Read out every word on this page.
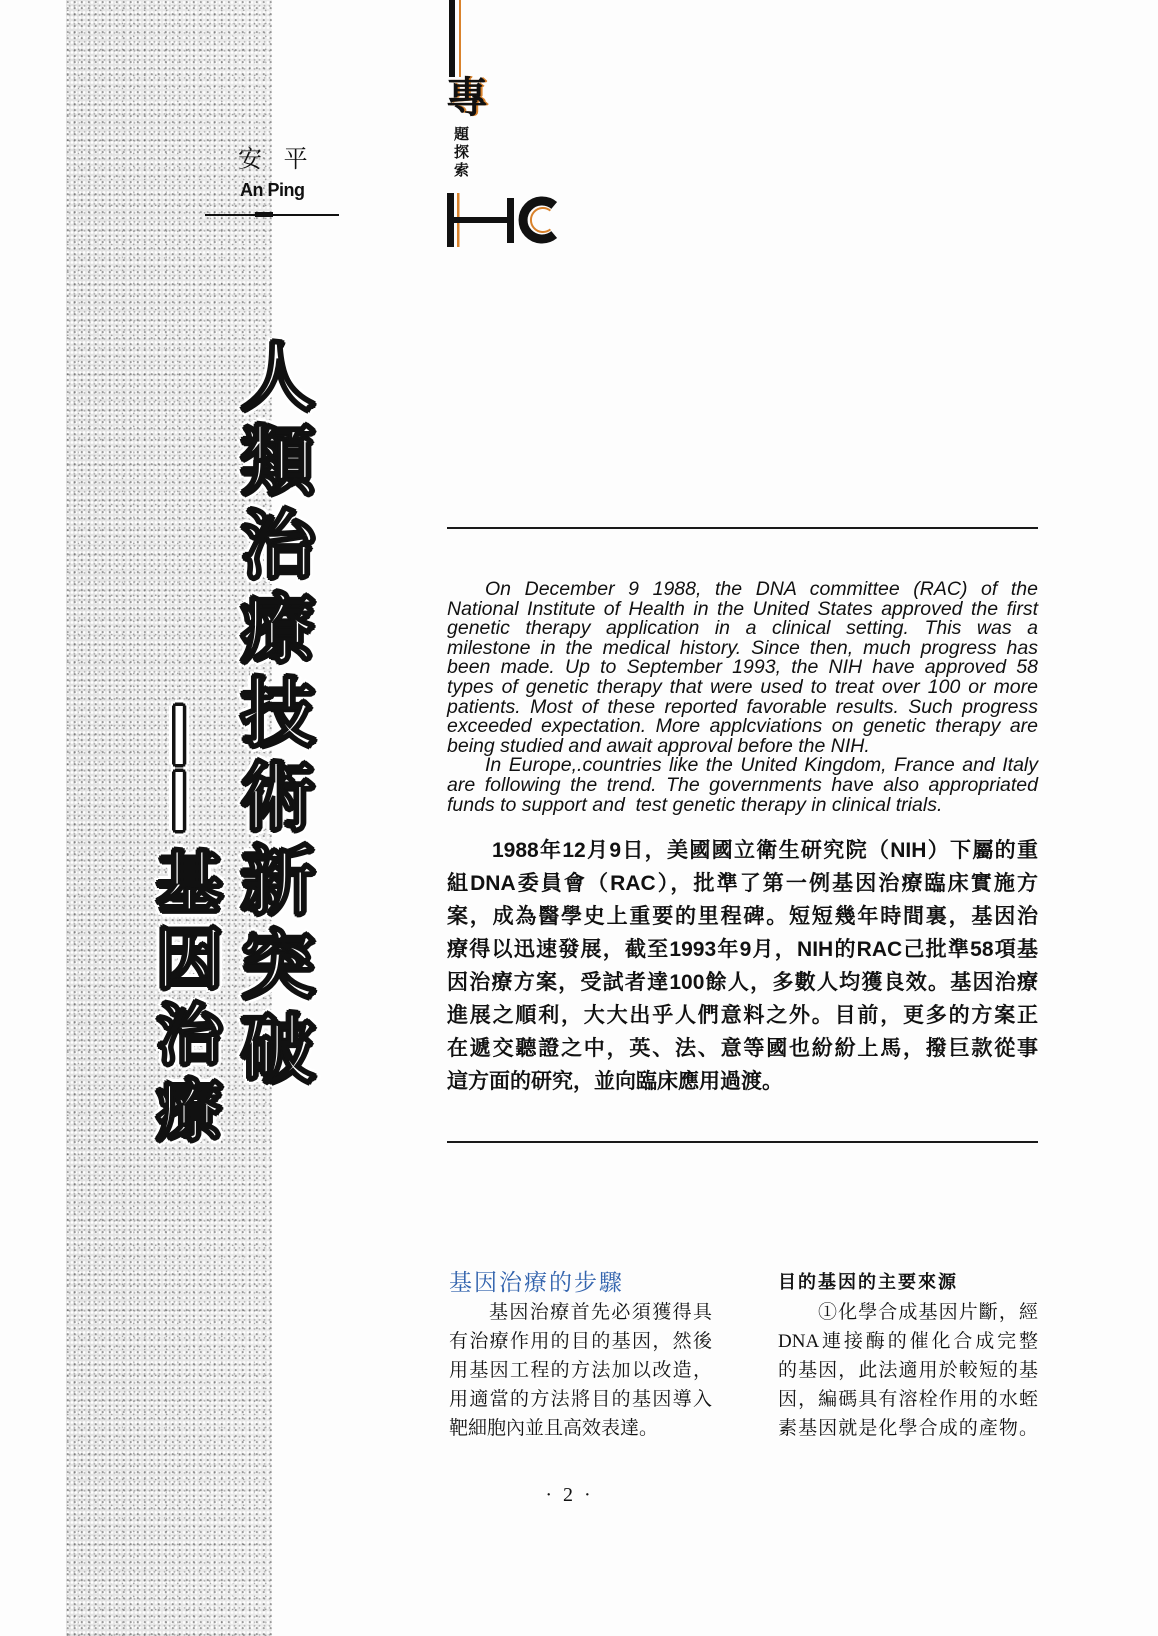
專
題探索
安 平
An Ping
人類治療技術新突破
——基因治療
On December 9 1988, the DNA committee (RAC) of the
National Institute of Health in the United States approved the first
genetic therapy application in a clinical setting. This was a
milestone in the medical history. Since then, much progress has
been made. Up to September 1993, the NIH have approved 58
types of genetic therapy that were used to treat over 100 or more
patients. Most of these reported favorable results. Such progress
exceeded expectation. More applcviations on genetic therapy are
being studied and await approval before the NIH.
In Europe,.countries like the United Kingdom, France and Italy
are following the trend. The governments have also appropriated
funds to support and  test genetic therapy in clinical trials.
1988年12月9日，美國國立衛生研究院（NIH）下屬的重
組DNA委員會（RAC），批準了第一例基因治療臨床實施方
案，成為醫學史上重要的里程碑。短短幾年時間裏，基因治
療得以迅速發展，截至1993年9月，NIH的RAC己批準58項基
因治療方案，受試者達100餘人，多數人均獲良效。基因治療
進展之順利，大大出乎人們意料之外。目前，更多的方案正
在遞交聽證之中，英、法、意等國也紛紛上馬，撥巨款從事
這方面的研究，並向臨床應用過渡。
基因治療的步驟
基因治療首先必須獲得具
有治療作用的目的基因，然後
用基因工程的方法加以改造，
用適當的方法將目的基因導入
靶細胞內並且高效表達。
目的基因的主要來源
①化學合成基因片斷，經
DNA連接酶的催化合成完整
的基因，此法適用於較短的基
因，編碼具有溶栓作用的水蛭
素基因就是化學合成的產物。
· 2 ·
